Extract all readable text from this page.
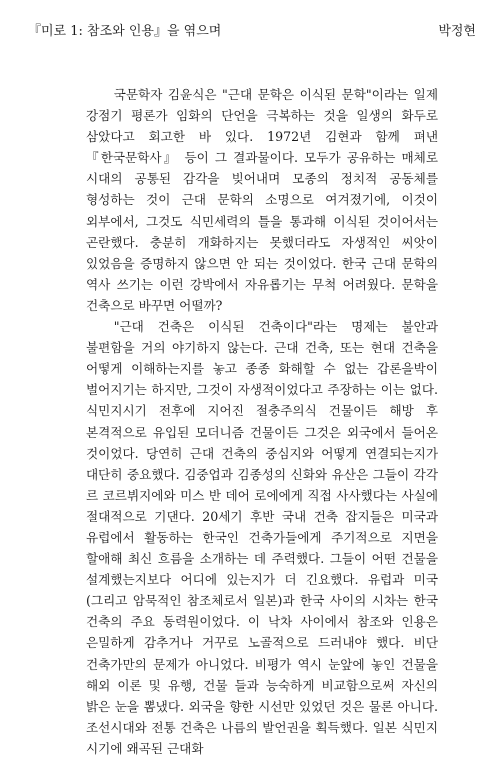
『미로 1: 참조와 인용』을 엮으며	박정현

국문학자 김윤식은 "근대 문학은 이식된 문학"이라는 일제 강점기 평론가 임화의 단언을 극복하는 것을 일생의 화두로 삼았다고 회고한 바 있다. 1972년 김현과 함께 펴낸 『한국문학사』 등이 그 결과물이다. 모두가 공유하는 매체로 시대의 공통된 감각을 빚어내며 모종의 정치적 공동체를 형성하는 것이 근대 문학의 소명으로 여겨졌기에, 이것이 외부에서, 그것도 식민세력의 틀을 통과해 이식된 것이어서는 곤란했다. 충분히 개화하지는 못했더라도 자생적인 씨앗이 있었음을 증명하지 않으면 안 되는 것이었다. 한국 근대 문학의 역사 쓰기는 이런 강박에서 자유롭기는 무척 어려웠다. 문학을 건축으로 바꾸면 어떨까?

"근대 건축은 이식된 건축이다"라는 명제는 불안과 불편함을 거의 야기하지 않는다. 근대 건축, 또는 현대 건축을 어떻게 이해하는지를 놓고 종종 화해할 수 없는 갑론을박이 벌어지기는 하지만, 그것이 자생적이었다고 주장하는 이는 없다. 식민지시기 전후에 지어진 절충주의식 건물이든 해방 후 본격적으로 유입된 모더니즘 건물이든 그것은 외국에서 들어온 것이었다. 당연히 근대 건축의 중심지와 어떻게 연결되는지가 대단히 중요했다. 김중업과 김종성의 신화와 유산은 그들이 각각 르 코르뷔지에와 미스 반 데어 로에에게 직접 사사했다는 사실에 절대적으로 기댄다. 20세기 후반 국내 건축 잡지들은 미국과 유럽에서 활동하는 한국인 건축가들에게 주기적으로 지면을 할애해 최신 흐름을 소개하는 데 주력했다. 그들이 어떤 건물을 설계했는지보다 어디에 있는지가 더 긴요했다. 유럽과 미국(그리고 암묵적인 참조체로서 일본)과 한국 사이의 시차는 한국 건축의 주요 동력원이었다. 이 낙차 사이에서 참조와 인용은 은밀하게 감추거나 거꾸로 노골적으로 드러내야 했다. 비단 건축가만의 문제가 아니었다. 비평가 역시 눈앞에 놓인 건물을 해외 이론 및 유행, 건물 들과 능숙하게 비교함으로써 자신의 밝은 눈을 뽐냈다. 외국을 향한 시선만 있었던 것은 물론 아니다. 조선시대와 전통 건축은 나름의 발언권을 획득했다. 일본 식민지 시기에 왜곡된 근대화
